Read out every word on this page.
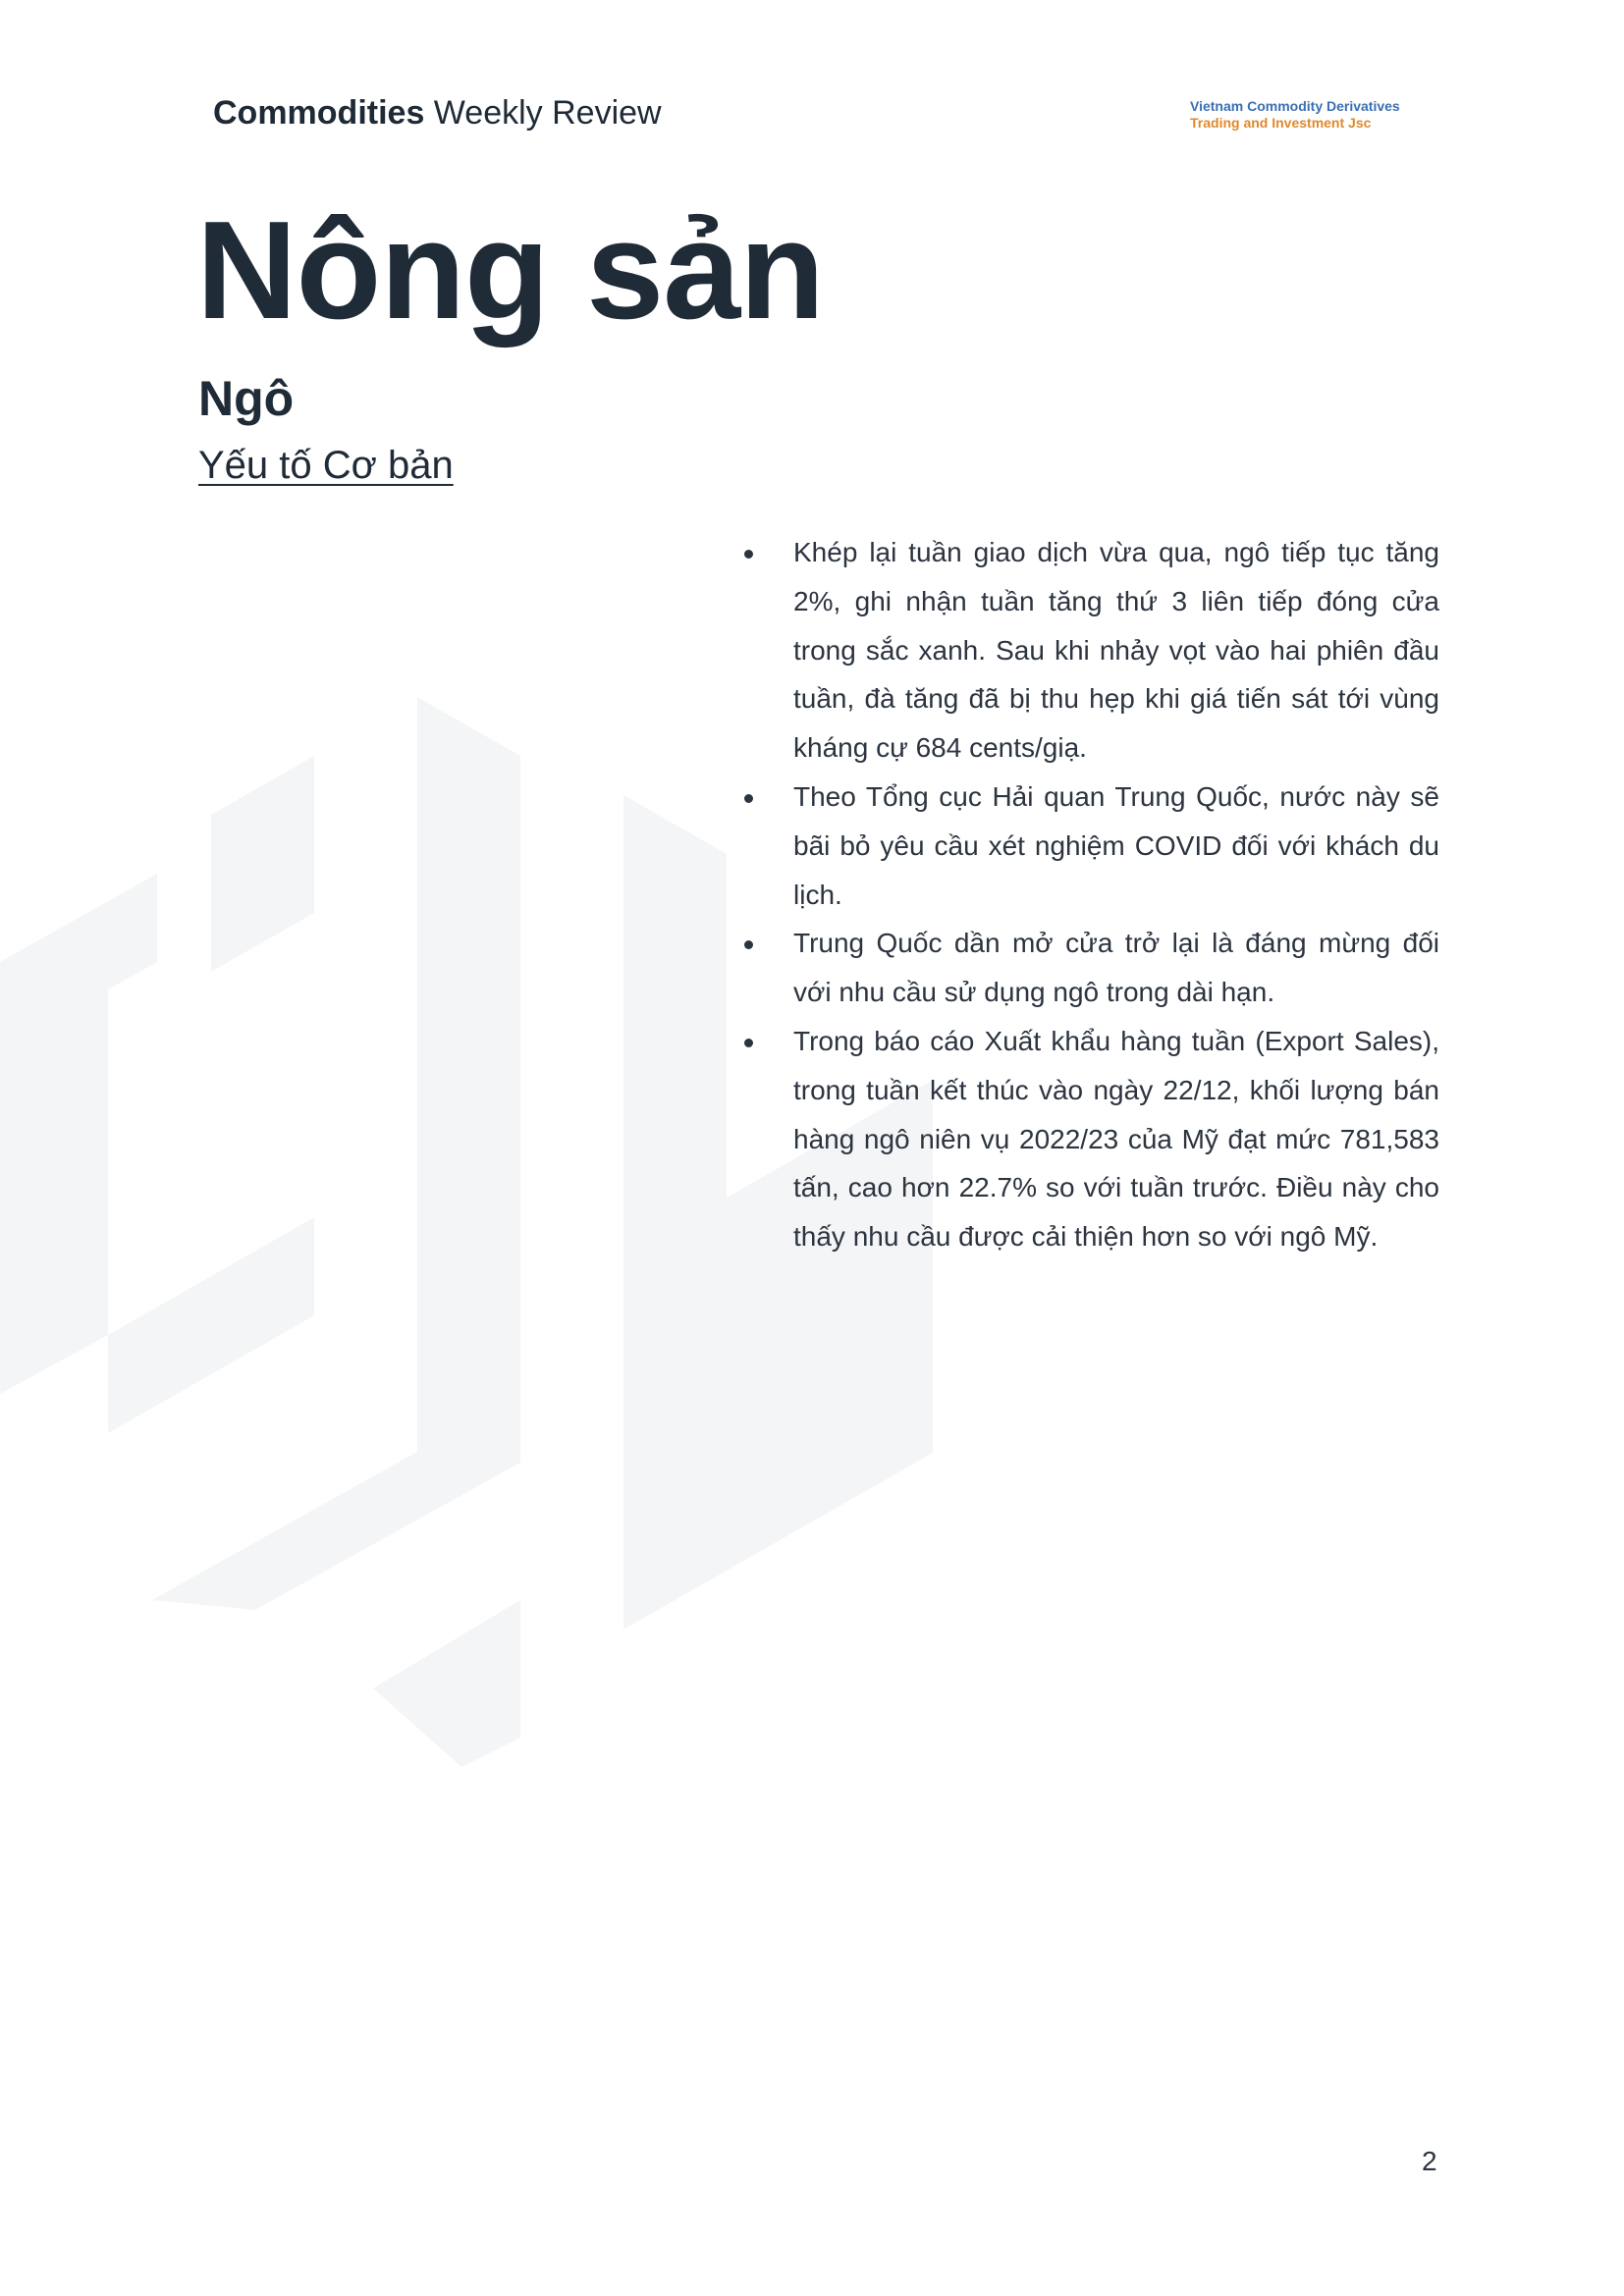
Commodities Weekly Review	Vietnam Commodity Derivatives
Trading and Investment Jsc
Nông sản
Ngô
Yếu tố Cơ bản
Khép lại tuần giao dịch vừa qua, ngô tiếp tục tăng 2%, ghi nhận tuần tăng thứ 3 liên tiếp đóng cửa trong sắc xanh. Sau khi nhảy vọt vào hai phiên đầu tuần, đà tăng đã bị thu hẹp khi giá tiến sát tới vùng kháng cự 684 cents/giạ.
Theo Tổng cục Hải quan Trung Quốc, nước này sẽ bãi bỏ yêu cầu xét nghiệm COVID đối với khách du lịch.
Trung Quốc dần mở cửa trở lại là đáng mừng đối với nhu cầu sử dụng ngô trong dài hạn.
Trong báo cáo Xuất khẩu hàng tuần (Export Sales), trong tuần kết thúc vào ngày 22/12, khối lượng bán hàng ngô niên vụ 2022/23 của Mỹ đạt mức 781,583 tấn, cao hơn 22.7% so với tuần trước. Điều này cho thấy nhu cầu được cải thiện hơn so với ngô Mỹ.
2
